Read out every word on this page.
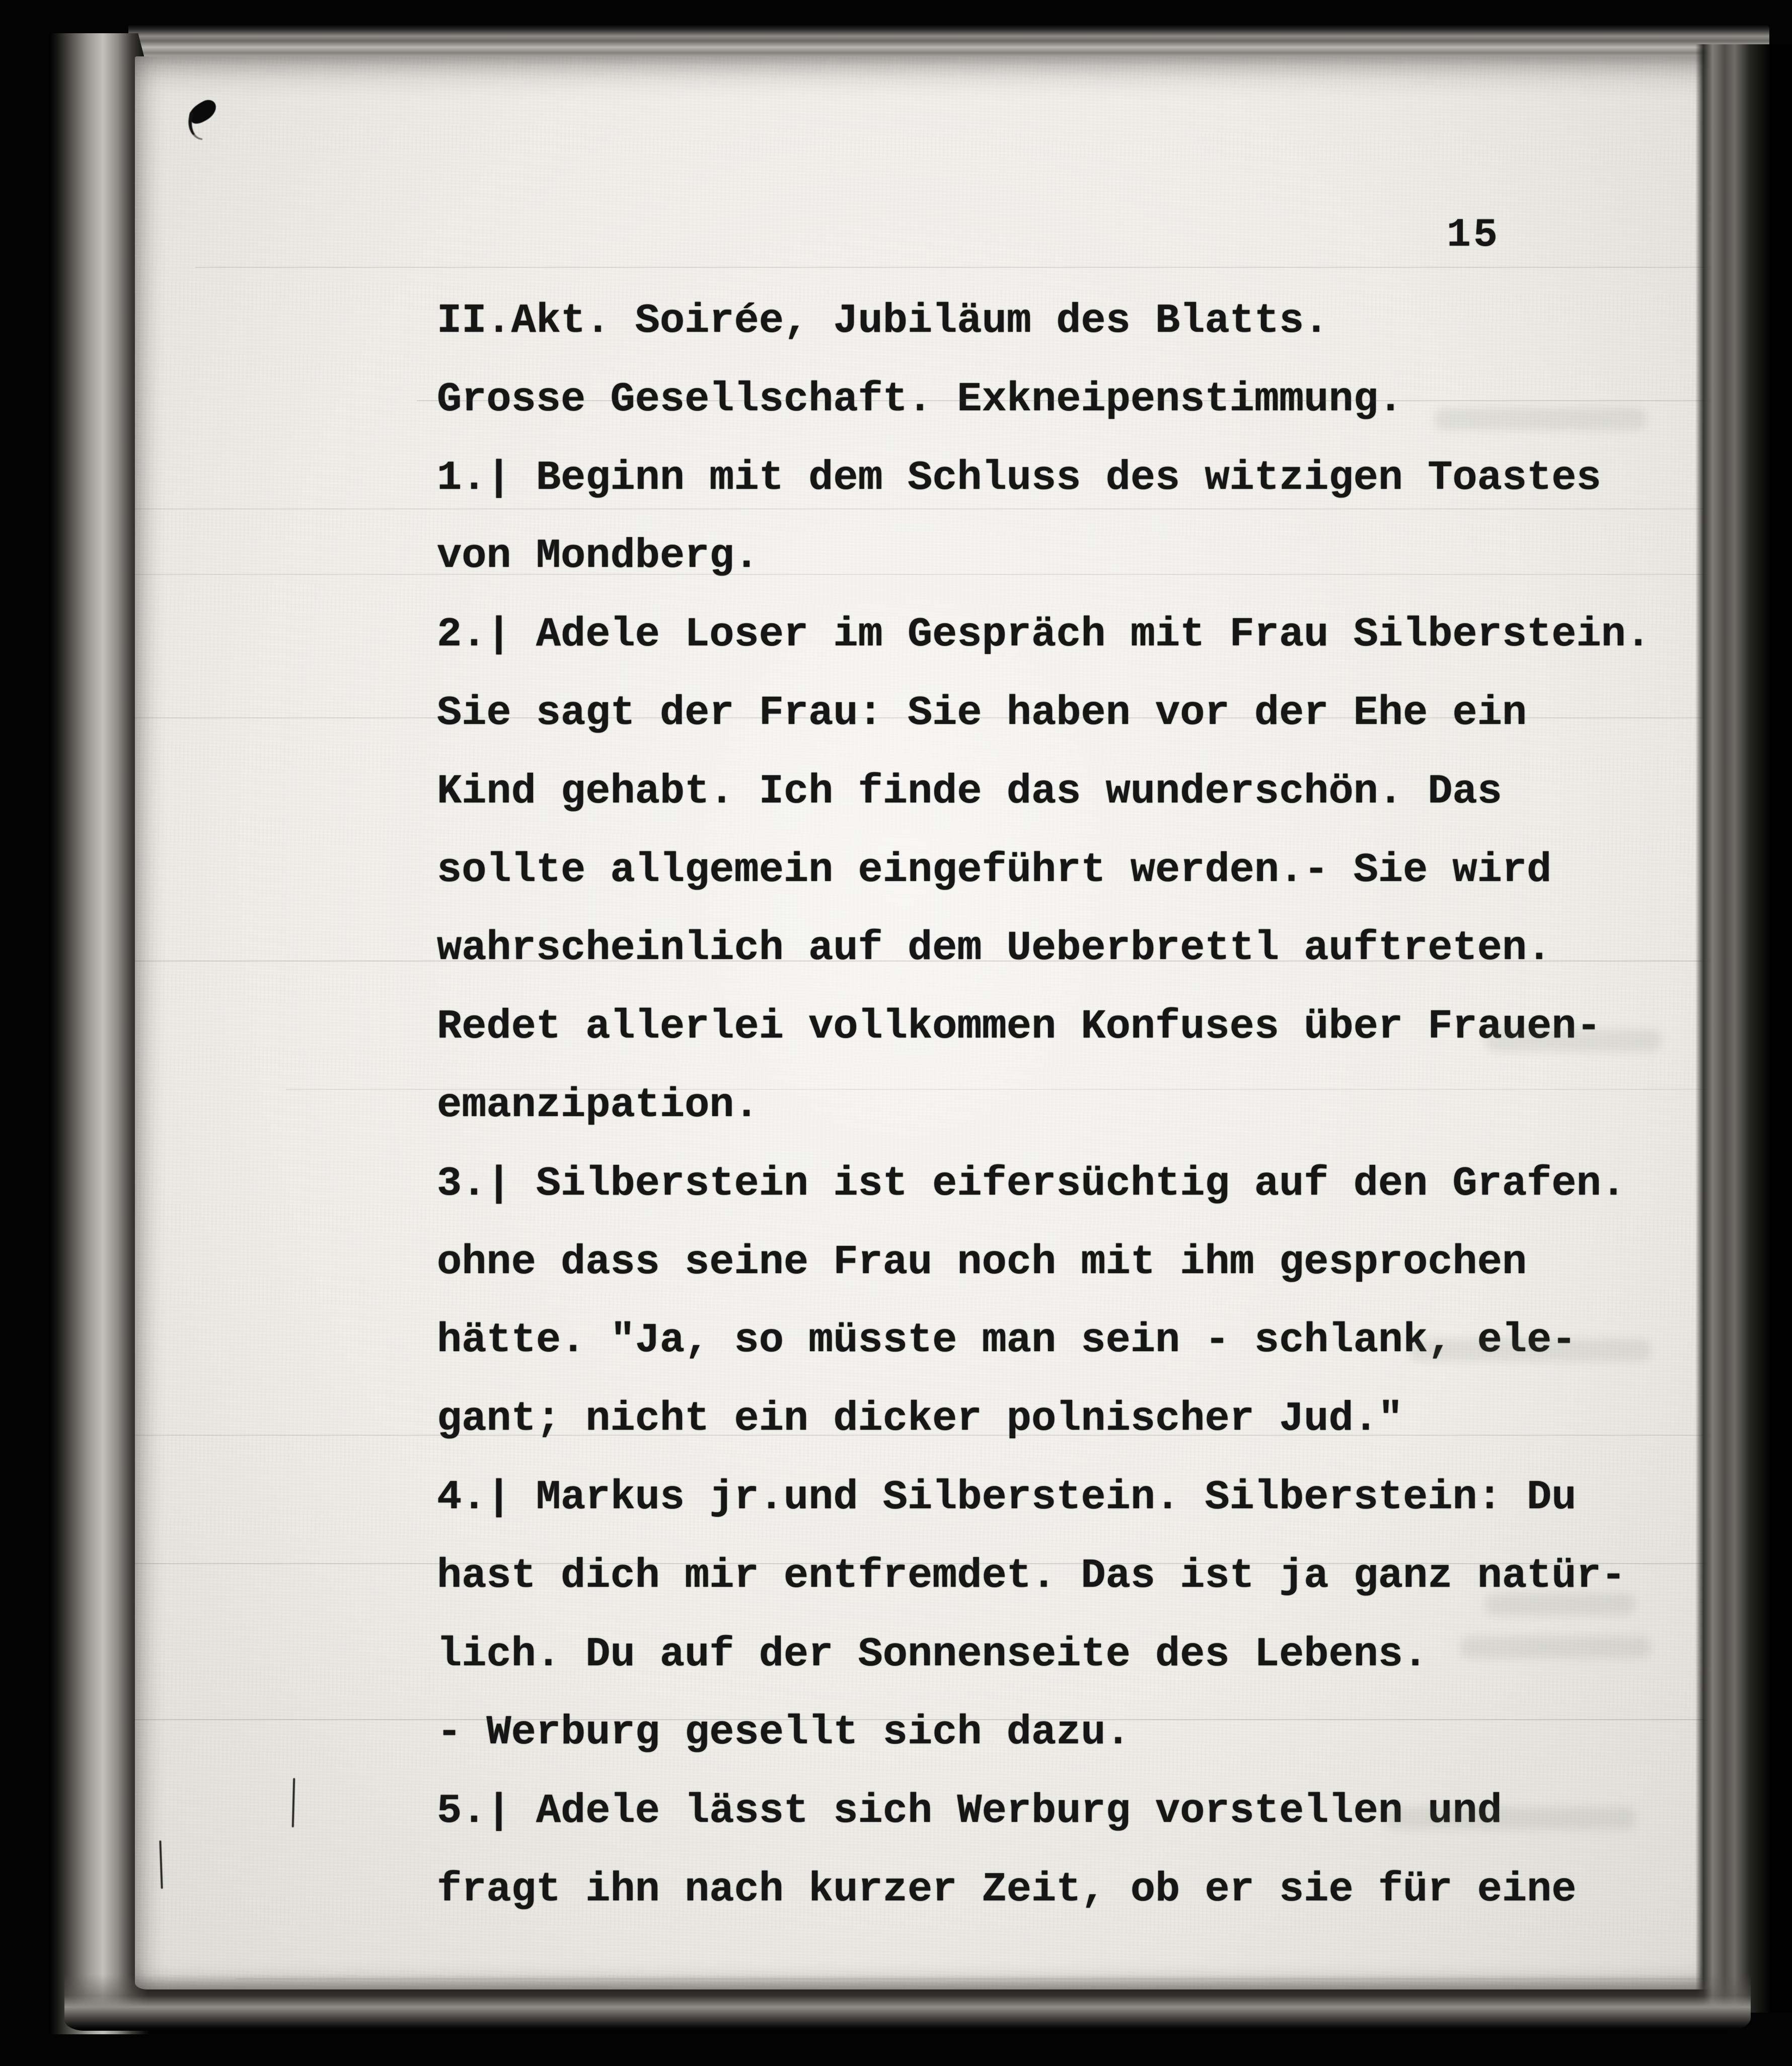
15
II.Akt. Soirée, Jubiläum des Blatts.
Grosse Gesellschaft. Exkneipenstimmung.
1.| Beginn mit dem Schluss des witzigen Toastes
von Mondberg.
2.| Adele Loser im Gespräch mit Frau Silberstein.
Sie sagt der Frau: Sie haben vor der Ehe ein
Kind gehabt. Ich finde das wunderschön. Das
sollte allgemein eingeführt werden.- Sie wird
wahrscheinlich auf dem Ueberbrettl auftreten.
Redet allerlei vollkommen Konfuses über Frauen-
emanzipation.
3.| Silberstein ist eifersüchtig auf den Grafen.
ohne dass seine Frau noch mit ihm gesprochen
hätte. "Ja, so müsste man sein - schlank, ele-
gant; nicht ein dicker polnischer Jud."
4.| Markus jr.und Silberstein. Silberstein: Du
hast dich mir entfremdet. Das ist ja ganz natür-
lich. Du auf der Sonnenseite des Lebens.
- Werburg gesellt sich dazu.
5.| Adele lässt sich Werburg vorstellen und
fragt ihn nach kurzer Zeit, ob er sie für eine
